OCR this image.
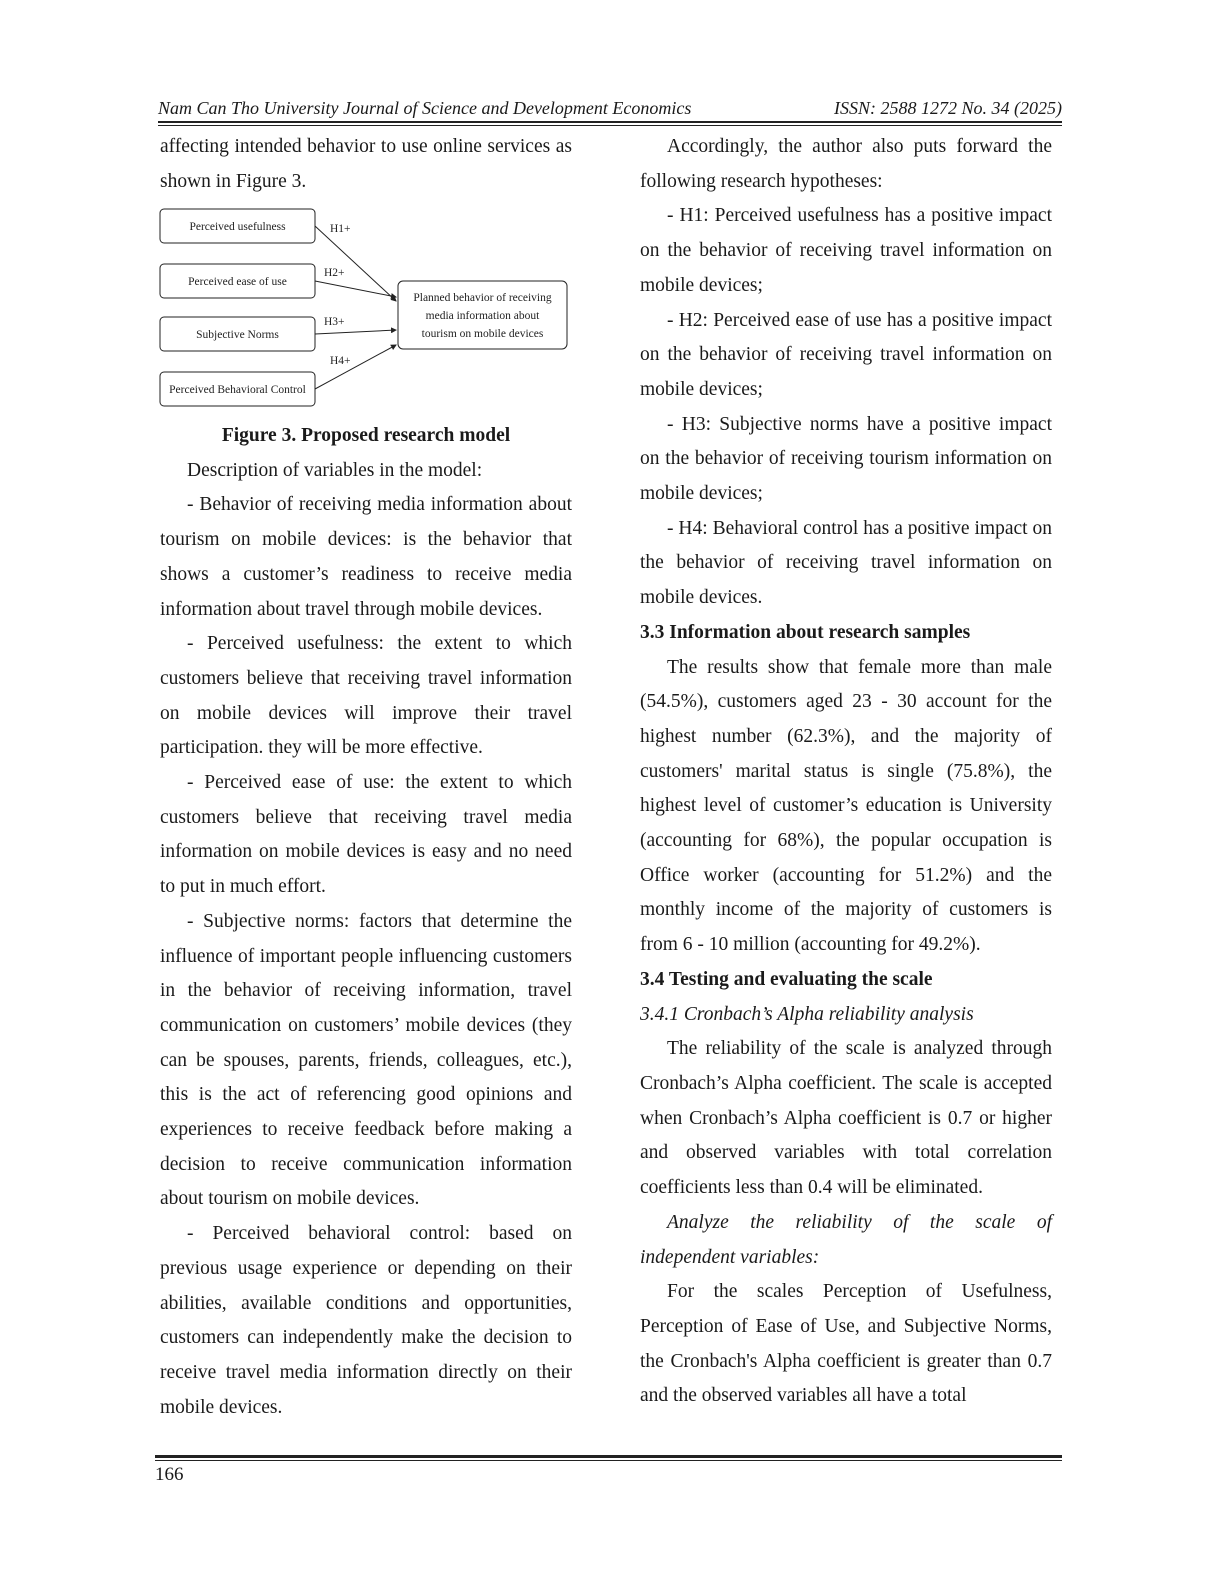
Nam Can Tho University Journal of Science and Development Economics	ISSN: 2588 1272 No. 34 (2025)

affecting intended behavior to use online services as shown in Figure 3.

Perceived usefulness
Perceived ease of use
Subjective Norms
Perceived Behavioral Control
Planned behavior of receiving
media information about
tourism on mobile devices
H1+
H2+
H3+
H4+

Figure 3. Proposed research model

Description of variables in the model:

- Behavior of receiving media information about tourism on mobile devices: is the behavior that shows a customer’s readiness to receive media information about travel through mobile devices.

- Perceived usefulness: the extent to which customers believe that receiving travel information on mobile devices will improve their travel participation. they will be more effective.

- Perceived ease of use: the extent to which customers believe that receiving travel media information on mobile devices is easy and no need to put in much effort.

- Subjective norms: factors that determine the influence of important people influencing customers in the behavior of receiving information, travel communication on customers’ mobile devices (they can be spouses, parents, friends, colleagues, etc.), this is the act of referencing good opinions and experiences to receive feedback before making a decision to receive communication information about tourism on mobile devices.

- Perceived behavioral control: based on previous usage experience or depending on their abilities, available conditions and opportunities, customers can independently make the decision to receive travel media information directly on their mobile devices.

Accordingly, the author also puts forward the following research hypotheses:

- H1: Perceived usefulness has a positive impact on the behavior of receiving travel information on mobile devices;

- H2: Perceived ease of use has a positive impact on the behavior of receiving travel information on mobile devices;

- H3: Subjective norms have a positive impact on the behavior of receiving tourism information on mobile devices;

- H4: Behavioral control has a positive impact on the behavior of receiving travel information on mobile devices.

3.3 Information about research samples

The results show that female more than male (54.5%), customers aged 23 - 30 account for the highest number (62.3%), and the majority of customers' marital status is single (75.8%), the highest level of customer’s education is University (accounting for 68%), the popular occupation is Office worker (accounting for 51.2%) and the monthly income of the majority of customers is from 6 - 10 million (accounting for 49.2%).

3.4 Testing and evaluating the scale

3.4.1 Cronbach’s Alpha reliability analysis

The reliability of the scale is analyzed through Cronbach’s Alpha coefficient. The scale is accepted when Cronbach’s Alpha coefficient is 0.7 or higher and observed variables with total correlation coefficients less than 0.4 will be eliminated.

Analyze the reliability of the scale of independent variables:

For the scales Perception of Usefulness, Perception of Ease of Use, and Subjective Norms, the Cronbach's Alpha coefficient is greater than 0.7 and the observed variables all have a total

166
